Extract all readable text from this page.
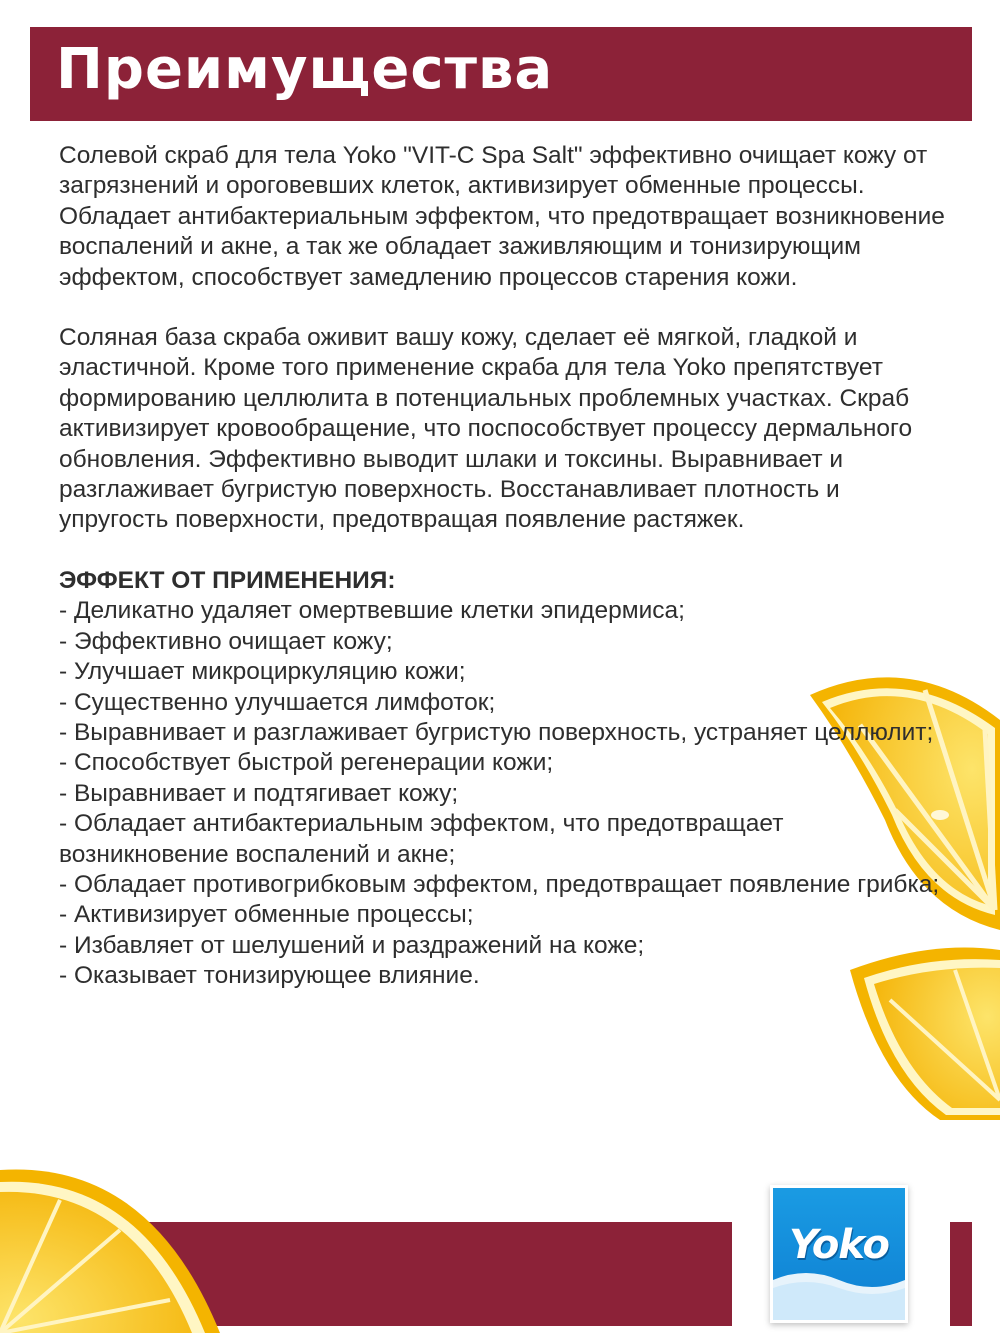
Преимущества

Солевой скраб для тела Yoko "VIT-C Spa Salt" эффективно очищает кожу от загрязнений и ороговевших клеток, активизирует обменные процессы. Обладает антибактериальным эффектом, что предотвращает возникновение воспалений и акне, а так же обладает заживляющим и тонизирующим эффектом, способствует замедлению процессов старения кожи.

Соляная база скраба оживит вашу кожу, сделает её мягкой, гладкой и эластичной. Кроме того применение скраба для тела Yoko препятствует формированию целлюлита в потенциальных проблемных участках. Скраб активизирует кровообращение, что поспособствует процессу дермального обновления. Эффективно выводит шлаки и токсины. Выравнивает и разглаживает бугристую поверхность. Восстанавливает плотность и упругость поверхности, предотвращая появление растяжек.

ЭФФЕКТ ОТ ПРИМЕНЕНИЯ:
- Деликатно удаляет омертвевшие клетки эпидермиса;
- Эффективно очищает кожу;
- Улучшает микроциркуляцию кожи;
- Существенно улучшается лимфоток;
- Выравнивает и разглаживает бугристую поверхность, устраняет целлюлит;
- Способствует быстрой регенерации кожи;
- Выравнивает и подтягивает кожу;
- Обладает антибактериальным эффектом, что предотвращает возникновение воспалений и акне;
- Обладает противогрибковым эффектом, предотвращает появление грибка;
- Активизирует обменные процессы;
- Избавляет от шелушений и раздражений на коже;
- Оказывает тонизирующее влияние.
Yoko
